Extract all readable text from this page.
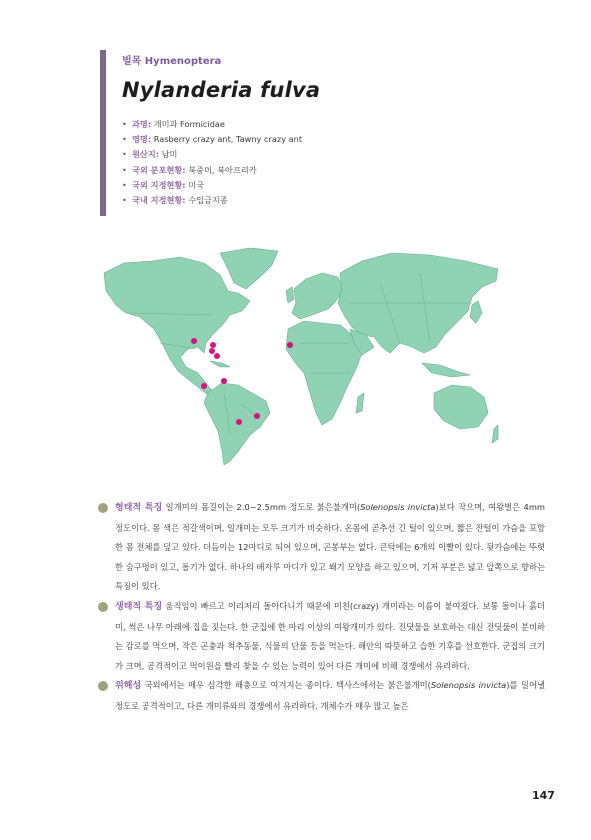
벌목 Hymenoptera
Nylanderia fulva
• 과명: 개미과 Formicidae
• 영명: Rasberry crazy ant, Tawny crazy ant
• 원산지: 남미
• 국외 분포현황: 북중미, 북아프리카
• 국외 지정현황: 미국
• 국내 지정현황: 수입금지종
형태적 특징 일개미의 몸길이는 2.0~2.5mm 정도로 붉은불개미(Solenopsis invicta)보다 작으며, 여왕벌은 4mm 정도이다. 몸 색은 적갈색이며, 일개미는 모두 크기가 비슷하다. 온몸에 곧추선 긴 털이 있으며, 짧은 잔털이 가슴을 포함한 몸 전체를 덮고 있다. 더듬이는 12마디로 되어 있으며, 곤봉부는 없다. 큰턱에는 6개의 이빨이 있다. 뒷가슴에는 뚜렷한 숨구멍이 있고, 돌기가 없다. 하나의 배자루 마디가 있고 쐐기 모양을 하고 있으며, 기저 부분은 넓고 앞쪽으로 향하는 특징이 있다.
생태적 특징 움직임이 빠르고 이리저리 돌아다니기 때문에 미친(crazy) 개미라는 이름이 붙여졌다. 보통 돌이나 흙더미, 썩은 나무 아래에 집을 짓는다. 한 군집에 한 마리 이상의 여왕개미가 있다. 진딧물을 보호하는 대신 진딧물이 분비하는 감로를 먹으며, 작은 곤충과 척추동물, 식물의 단물 등을 먹는다. 해안의 따뜻하고 습한 기후를 선호한다. 군집의 크기가 크며, 공격적이고 먹이원을 빨리 찾을 수 있는 능력이 있어 다른 개미에 비해 경쟁에서 유리하다.
위해성 국외에서는 매우 심각한 해충으로 여겨지는 종이다. 텍사스에서는 붉은불개미(Solenopsis invicta)를 밀어낼 정도로 공격적이고, 다른 개미류와의 경쟁에서 유리하다. 개체수가 매우 많고 높은
147
